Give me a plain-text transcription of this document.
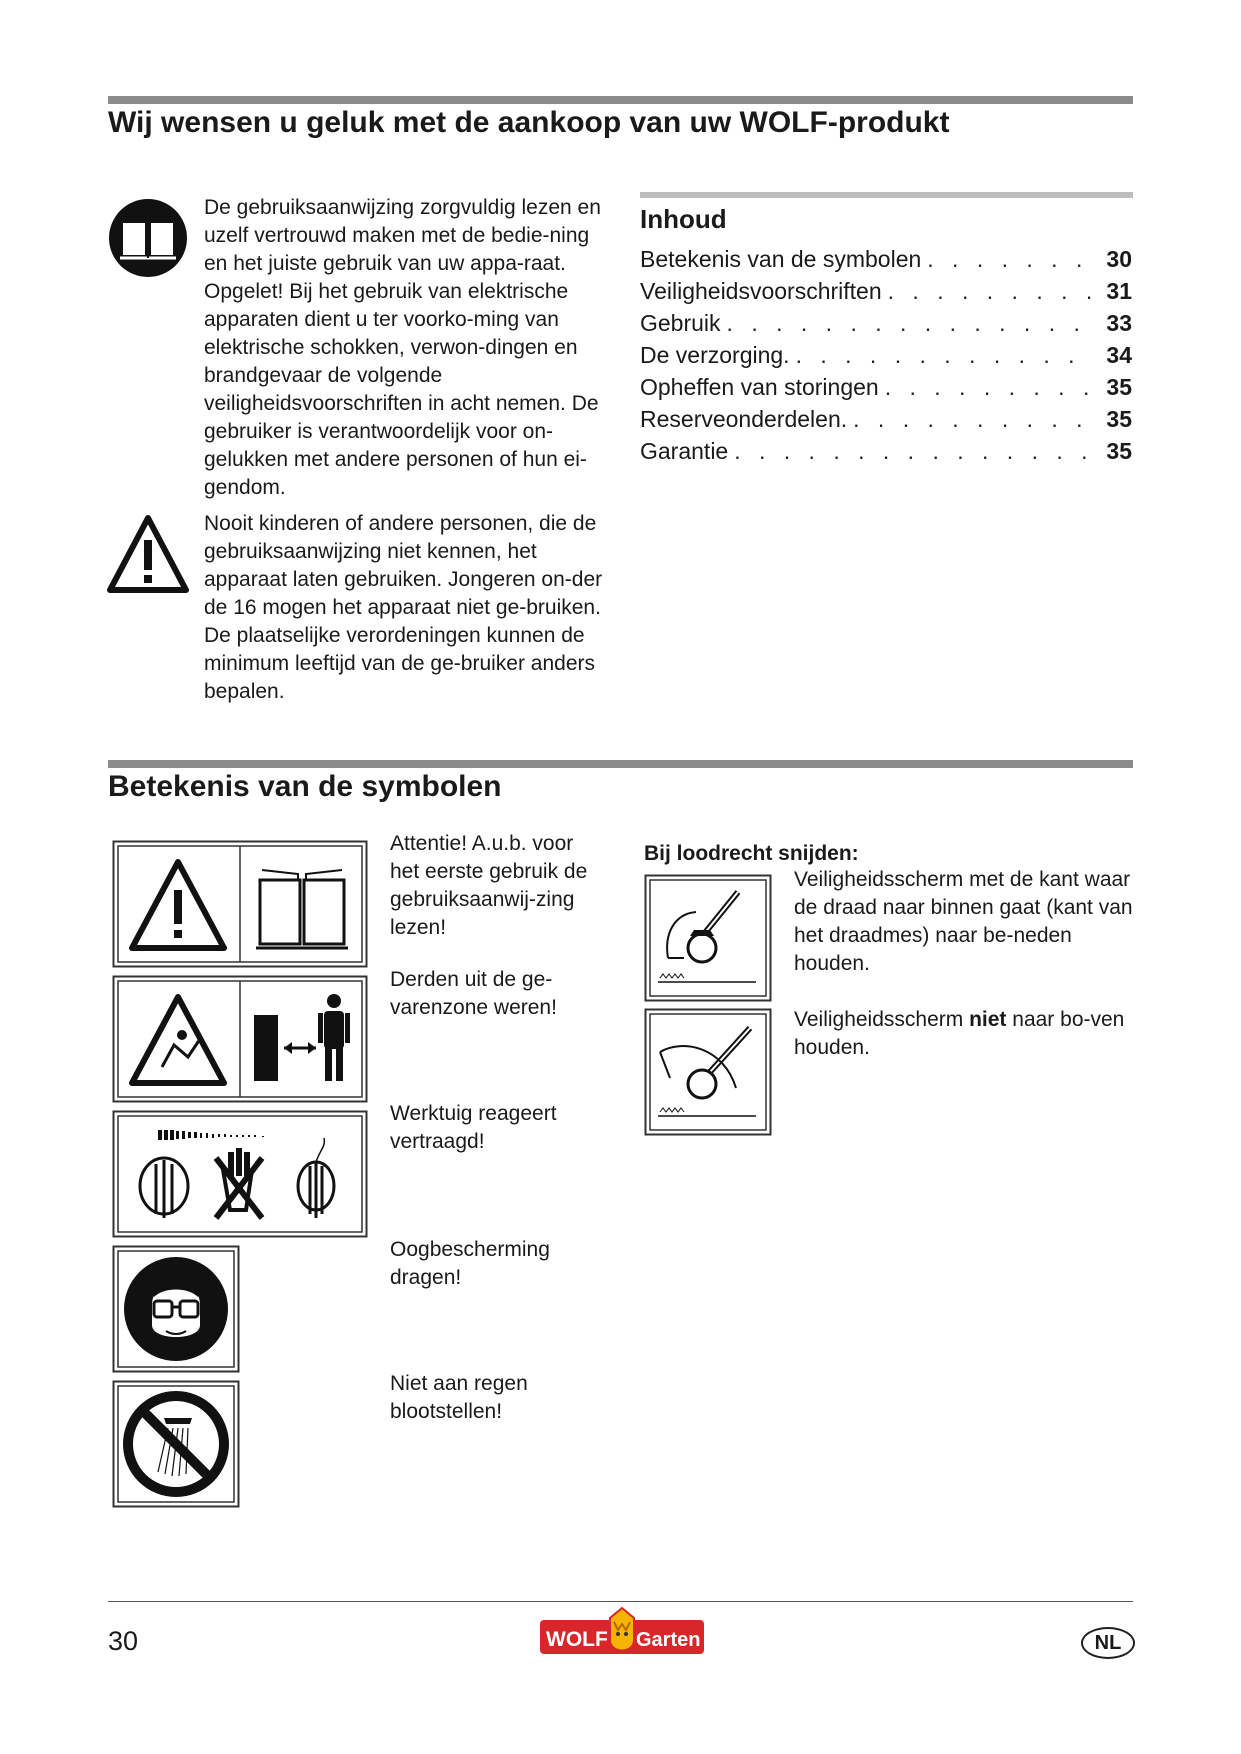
Wij wensen u geluk met de aankoop van uw WOLF-produkt

De gebruiksaanwijzing zorgvuldig lezen en uzelf vertrouwd maken met de bedie-ning en het juiste gebruik van uw appa-raat. Opgelet! Bij het gebruik van elektrische apparaten dient u ter voorko-ming van elektrische schokken, verwon-dingen en brandgevaar de volgende veiligheidsvoorschriften in acht nemen. De gebruiker is verantwoordelijk voor on-gelukken met andere personen of hun ei-gendom.

Nooit kinderen of andere personen, die de gebruiksaanwijzing niet kennen, het apparaat laten gebruiken. Jongeren on-der de 16 mogen het apparaat niet ge-bruiken. De plaatselijke verordeningen kunnen de minimum leeftijd van de ge-bruiker anders bepalen.

Inhoud
Betekenis van de symbolen . . .	30
Veiligheidsvoorschriften . . .	31
Gebruik . . .	33
De verzorging. . . .	34
Opheffen van storingen . . .	35
Reserveonderdelen. . . .	35
Garantie . . .	35
Betekenis van de symbolen

Attentie! A.u.b. voor het eerste gebruik de gebruiksaanwij-zing lezen!

Derden uit de ge-varenzone weren!

Werktuig reageert vertraagd!

Oogbescherming dragen!

Niet aan regen blootstellen!

Bij loodrecht snijden:

Veiligheidsscherm met de kant waar de draad naar binnen gaat (kant van het draadmes) naar be-neden houden.

Veiligheidsscherm niet naar bo-ven houden.

30	WOLF Garten	NL
